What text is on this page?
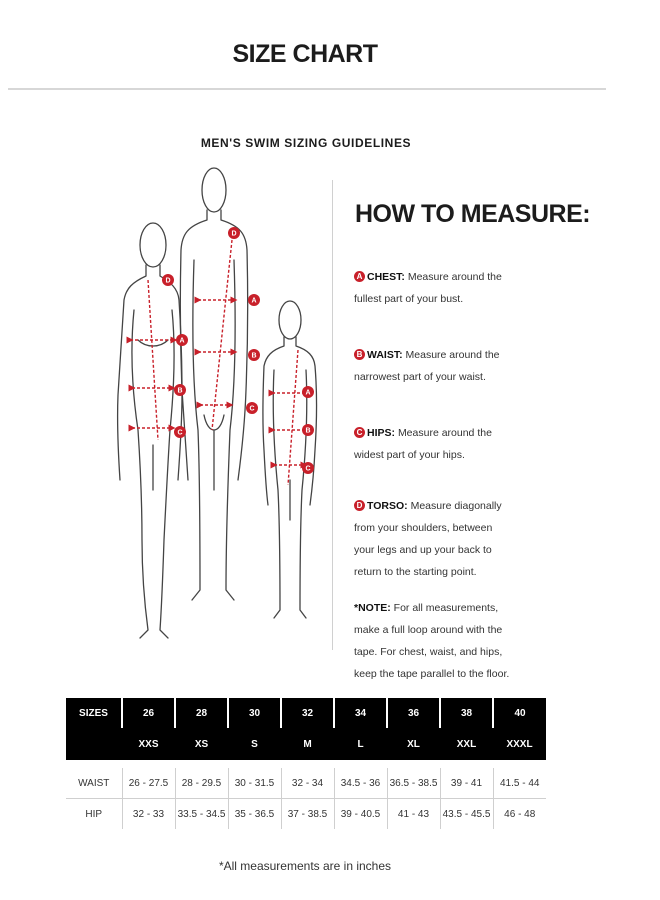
SIZE CHART
MEN'S SWIM SIZING GUIDELINES
D
A
B
C
D
A
B
C
A
B
C
HOW TO MEASURE:
A CHEST: Measure around the fullest part of your bust.
B WAIST: Measure around the narrowest part of your waist.
C HIPS: Measure around the widest part of your hips.
D TORSO: Measure diagonally from your shoulders, between your legs and up your back to return to the starting point.
*NOTE: For all measurements, make a full loop around with the tape. For chest, waist, and hips, keep the tape parallel to the floor.
SIZES	26	28	30	32	34	36	38	40
	XXS	XS	S	M	L	XL	XXL	XXXL

WAIST	26 - 27.5	28 - 29.5	30 - 31.5	32 - 34	34.5 - 36	36.5 - 38.5	39 - 41	41.5 - 44
HIP	32 - 33	33.5 - 34.5	35 - 36.5	37 - 38.5	39 - 40.5	41 - 43	43.5 - 45.5	46 - 48
*All measurements are in inches
